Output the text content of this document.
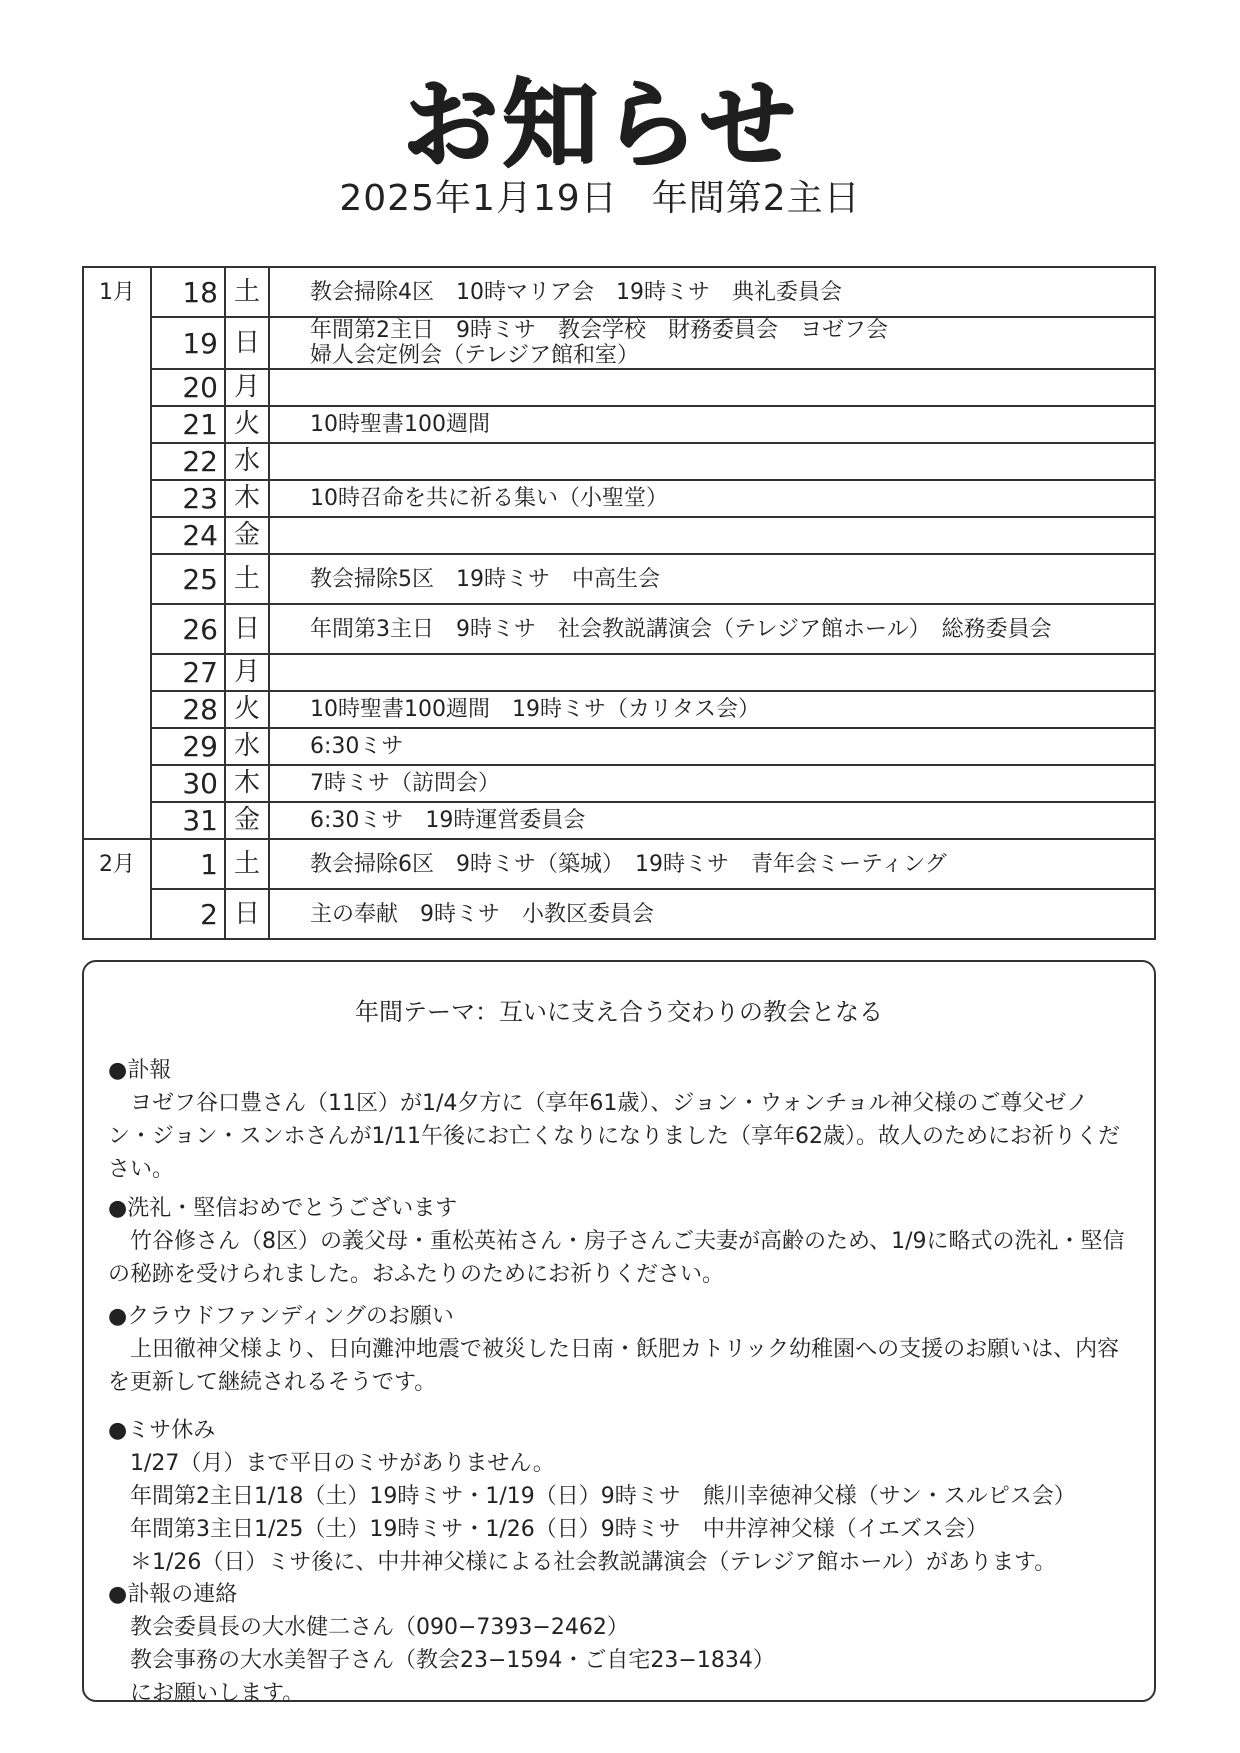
お知らせ
2025年1月19日 年間第2主日
1月	18	土	教会掃除4区　10時マリア会　19時ミサ　典礼委員会

	19	日	年間第2主日　9時ミサ　教会学校　財務委員会　ヨゼフ会
婦人会定例会（テレジア館和室）

	20	月	
	21	火	10時聖書100週間

	22	水	
	23	木	10時召命を共に祈る集い（小聖堂）

	24	金	
	25	土	教会掃除5区　19時ミサ　中高生会

	26	日	年間第3主日　9時ミサ　社会教説講演会（テレジア館ホール）　総務委員会

	27	月	
	28	火	10時聖書100週間　19時ミサ（カリタス会）

	29	水	6:30ミサ

	30	木	7時ミサ（訪問会）

	31	金	6:30ミサ　19時運営委員会

2月	1	土	教会掃除6区　9時ミサ（築城）　19時ミサ　青年会ミーティング

	2	日	主の奉献　9時ミサ　小教区委員会
年間テーマ：互いに支え合う交わりの教会となる
●訃報
ヨゼフ谷口豊さん（11区）が1/4夕方に（享年61歳）、ジョン・ウォンチョル神父様のご尊父ゼノン・ジョン・スンホさんが1/11午後にお亡くなりになりました（享年62歳）。故人のためにお祈りください。
●洗礼・堅信おめでとうございます
竹谷修さん（8区）の義父母・重松英祐さん・房子さんご夫妻が高齢のため、1/9に略式の洗礼・堅信の秘跡を受けられました。おふたりのためにお祈りください。
●クラウドファンディングのお願い
上田徹神父様より、日向灘沖地震で被災した日南・飫肥カトリック幼稚園への支援のお願いは、内容を更新して継続されるそうです。
●ミサ休み
1/27（月）まで平日のミサがありません。
年間第2主日1/18（土）19時ミサ・1/19（日）9時ミサ　熊川幸徳神父様（サン・スルピス会）
年間第3主日1/25（土）19時ミサ・1/26（日）9時ミサ　中井淳神父様（イエズス会）
＊1/26（日）ミサ後に、中井神父様による社会教説講演会（テレジア館ホール）があります。
●訃報の連絡
教会委員長の大水健二さん（090−7393−2462）
教会事務の大水美智子さん（教会23−1594・ご自宅23−1834）
にお願いします。
